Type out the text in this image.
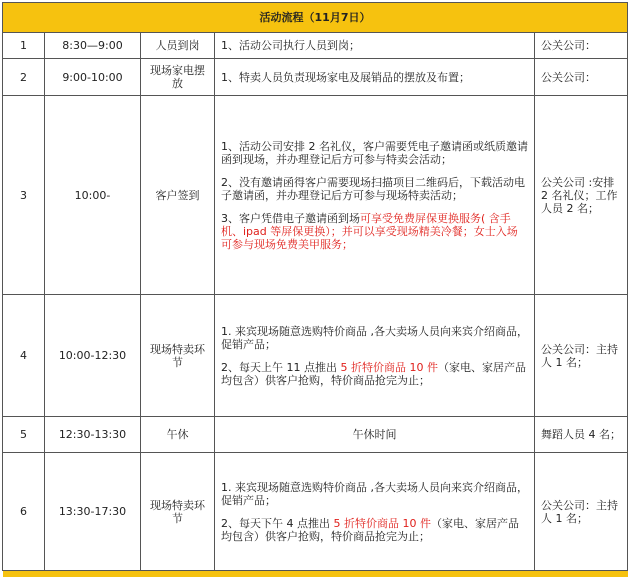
活动流程（11月7日）				
1	8:30—9:00	人员到岗	1、活动公司执行人员到岗；	公关公司：
2	9:00-10:00	现场家电摆放	1、特卖人员负责现场家电及展销品的摆放及布置；	公关公司：
3	10:00-	客户签到	1、活动公司安排 2 名礼仪，客户需要凭电子邀请函或纸质邀请函到现场，并办理登记后方可参与特卖会活动；

2、没有邀请函得客户需要现场扫描项目二维码后，下载活动电子邀请函，并办理登记后方可参与现场特卖活动；

3、客户凭借电子邀请函到场可享受免费屏保更换服务( 含手机、ipad 等屏保更换）；并可以享受现场精美冷餐；女士入场可参与现场免费美甲服务；	公关公司 :安排 2 名礼仪；工作人员 2 名；
4	10:00-12:30	现场特卖环节	1. 来宾现场随意选购特价商品 ,各大卖场人员向来宾介绍商品，促销产品；

2、每天上午 11 点推出 5 折特价商品 10 件（家电、家居产品均包含）供客户抢购，特价商品抢完为止；	公关公司：主持人 1 名；
5	12:30-13:30	午休	午休时间	舞蹈人员 4 名；
6	13:30-17:30	现场特卖环节	1. 来宾现场随意选购特价商品 ,各大卖场人员向来宾介绍商品，促销产品；

2、每天下午 4 点推出 5 折特价商品 10 件（家电、家居产品均包含）供客户抢购，特价商品抢完为止；	公关公司：主持人 1 名；
